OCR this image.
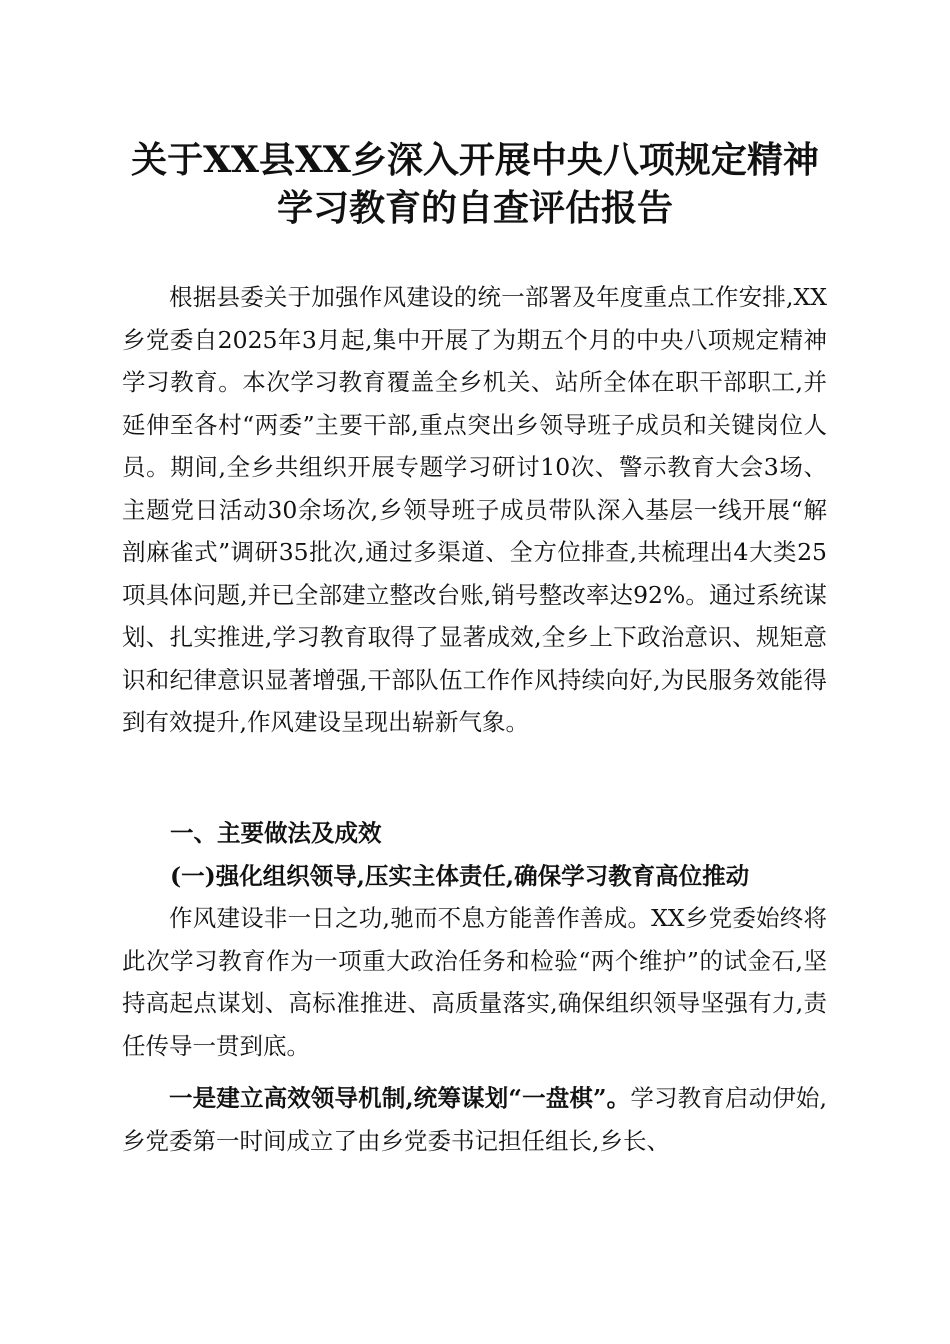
关于XX县XX乡深入开展中央八项规定精神
学习教育的自查评估报告

根据县委关于加强作风建设的统一部署及年度重点工作安排,XX乡党委自2025年3月起,集中开展了为期五个月的中央八项规定精神学习教育。本次学习教育覆盖全乡机关、站所全体在职干部职工,并延伸至各村“两委”主要干部,重点突出乡领导班子成员和关键岗位人员。期间,全乡共组织开展专题学习研讨10次、警示教育大会3场、主题党日活动30余场次,乡领导班子成员带队深入基层一线开展“解剖麻雀式”调研35批次,通过多渠道、全方位排查,共梳理出4大类25项具体问题,并已全部建立整改台账,销号整改率达92%。通过系统谋划、扎实推进,学习教育取得了显著成效,全乡上下政治意识、规矩意识和纪律意识显著增强,干部队伍工作作风持续向好,为民服务效能得到有效提升,作风建设呈现出崭新气象。

一、主要做法及成效
(一)强化组织领导,压实主体责任,确保学习教育高位推动

作风建设非一日之功,驰而不息方能善作善成。XX乡党委始终将此次学习教育作为一项重大政治任务和检验“两个维护”的试金石,坚持高起点谋划、高标准推进、高质量落实,确保组织领导坚强有力,责任传导一贯到底。

一是建立高效领导机制,统筹谋划“一盘棋”。学习教育启动伊始,乡党委第一时间成立了由乡党委书记担任组长,乡长、
